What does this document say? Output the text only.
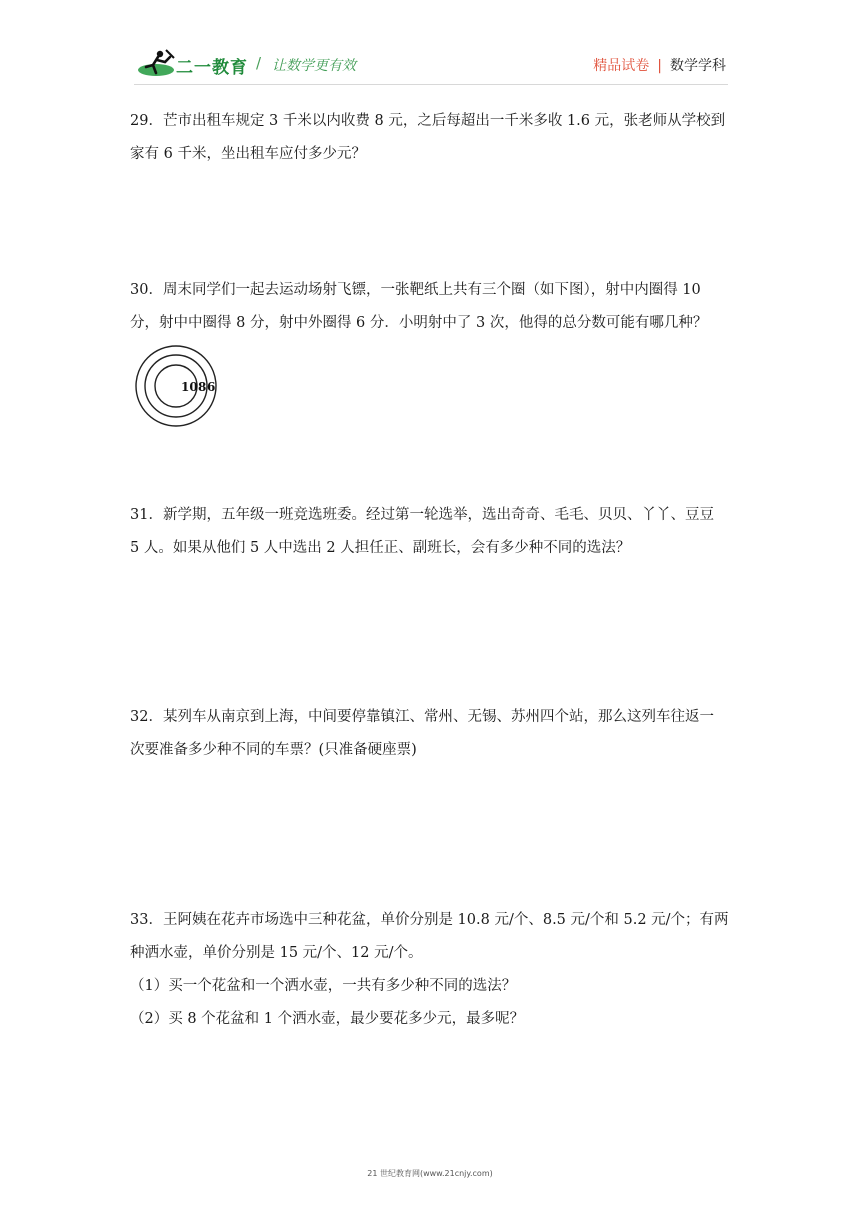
二一教育 / 让数学更有效	精品试卷 | 数学学科

29．芒市出租车规定 3 千米以内收费 8 元，之后每超出一千米多收 1.6 元，张老师从学校到

家有 6 千米，坐出租车应付多少元？

30．周末同学们一起去运动场射飞镖，一张靶纸上共有三个圈（如下图），射中内圈得 10

分，射中中圈得 8 分，射中外圈得 6 分．小明射中了 3 次，他得的总分数可能有哪几种？

10 8 6

31．新学期，五年级一班竞选班委。经过第一轮选举，选出奇奇、毛毛、贝贝、丫丫、豆豆

5 人。如果从他们 5 人中选出 2 人担任正、副班长，会有多少种不同的选法？

32．某列车从南京到上海，中间要停靠镇江、常州、无锡、苏州四个站，那么这列车往返一

次要准备多少种不同的车票？(只准备硬座票)

33．王阿姨在花卉市场选中三种花盆，单价分别是 10.8 元/个、8.5 元/个和 5.2 元/个；有两

种洒水壶，单价分别是 15 元/个、12 元/个。

（1）买一个花盆和一个洒水壶，一共有多少种不同的选法？

（2）买 8 个花盆和 1 个洒水壶，最少要花多少元，最多呢？

21 世纪教育网(www.21cnjy.com)
